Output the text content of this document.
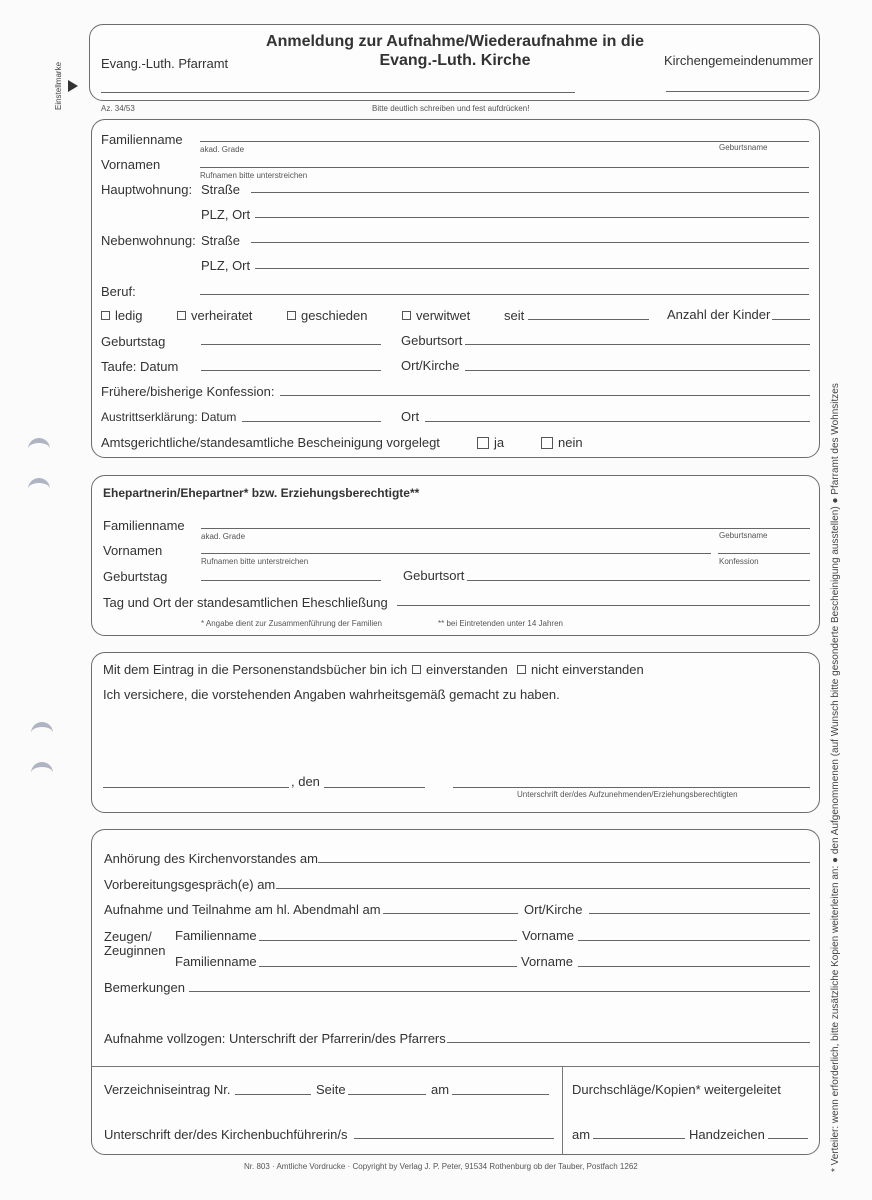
Einstellmarke
* Verteiler: wenn erforderlich, bitte zusätzliche Kopien weiterleiten an: ● den Aufgenommenen (auf Wunsch bitte gesonderte Bescheinigung ausstellen) ● Pfarramt des Wohnsitzes
Anmeldung zur Aufnahme/Wiederaufnahme in die
Evang.-Luth. Kirche
Evang.-Luth. Pfarramt	Kirchengemeindenummer
Az. 34/53	Bitte deutlich schreiben und fest aufdrücken!
Familienname
akad. Grade	Geburtsname
Vornamen
Rufnamen bitte unterstreichen
Hauptwohnung: Straße
PLZ, Ort
Nebenwohnung: Straße
PLZ, Ort
Beruf:
ledig	verheiratet	geschieden	verwitwet	seit	Anzahl der Kinder
Geburtstag	Geburtsort
Taufe: Datum	Ort/Kirche
Frühere/bisherige Konfession:
Austrittserklärung: Datum	Ort
Amtsgerichtliche/standesamtliche Bescheinigung vorgelegt	ja	nein
Ehepartnerin/Ehepartner* bzw. Erziehungsberechtigte**
Familienname
akad. Grade	Geburtsname
Vornamen
Rufnamen bitte unterstreichen	Konfession
Geburtstag	Geburtsort
Tag und Ort der standesamtlichen Eheschließung
* Angabe dient zur Zusammenführung der Familien	** bei Eintretenden unter 14 Jahren
Mit dem Eintrag in die Personenstandsbücher bin ich	einverstanden	nicht einverstanden
Ich versichere, die vorstehenden Angaben wahrheitsgemäß gemacht zu haben.
, den
Unterschrift der/des Aufzunehmenden/Erziehungsberechtigten
Anhörung des Kirchenvorstandes am
Vorbereitungsgespräch(e) am
Aufnahme und Teilnahme am hl. Abendmahl am	Ort/Kirche
Zeugen/
Zeuginnen
Familienname	Vorname
Familienname	Vorname
Bemerkungen
Aufnahme vollzogen: Unterschrift der Pfarrerin/des Pfarrers
Verzeichniseintrag Nr.	Seite	am	Durchschläge/Kopien* weitergeleitet
Unterschrift der/des Kirchenbuchführerin/s	am	Handzeichen
Nr. 803 · Amtliche Vordrucke · Copyright by Verlag J. P. Peter, 91534 Rothenburg ob der Tauber, Postfach 1262
